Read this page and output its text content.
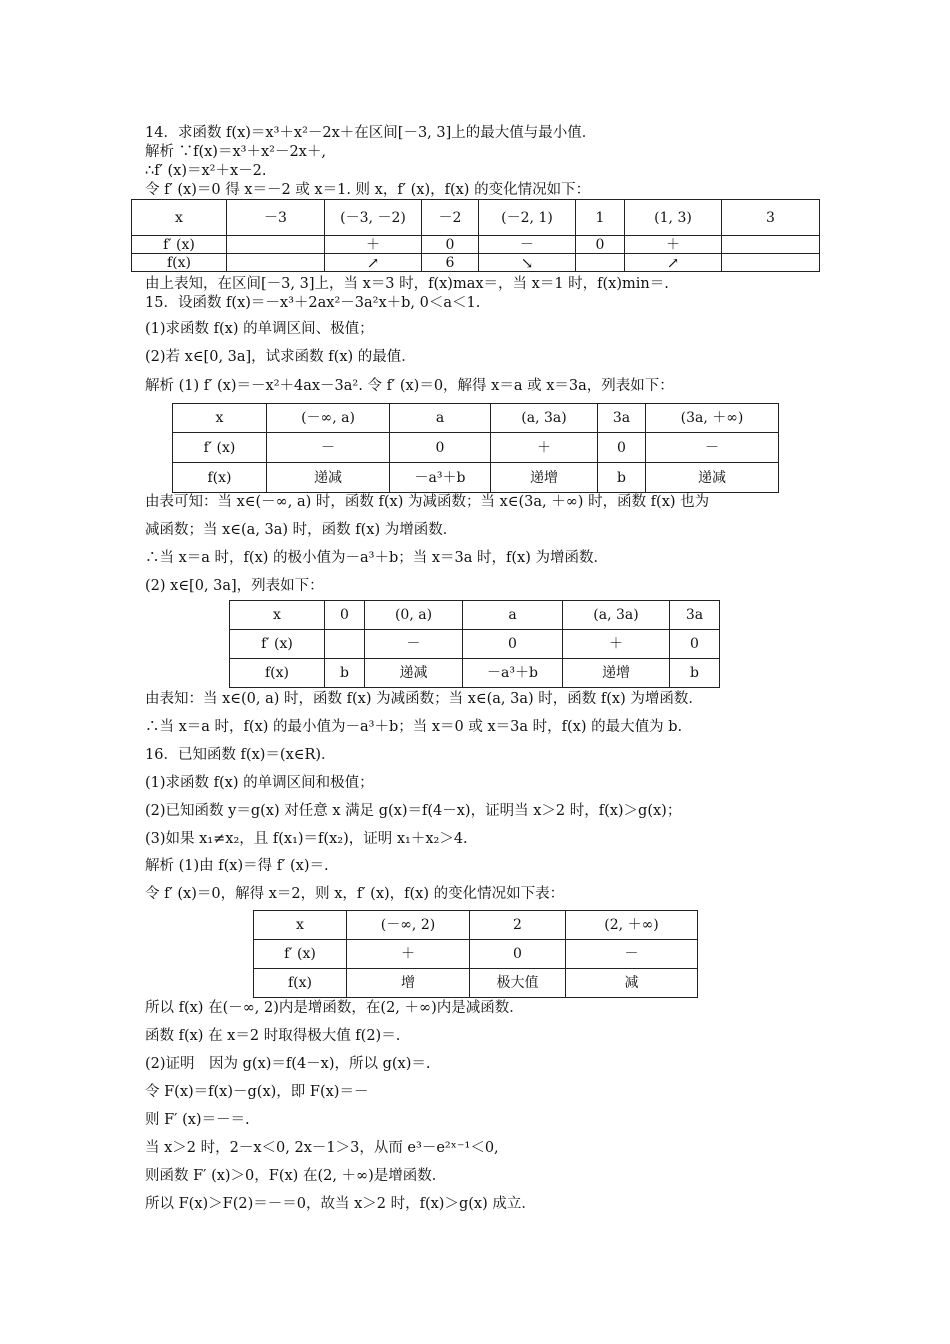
14．求函数 f(x)＝x³＋x²－2x＋在区间[－3, 3]上的最大值与最小值．
解析 ∵f(x)＝x³＋x²－2x＋,
∴f′ (x)＝x²＋x－2.
令 f′ (x)＝0 得 x＝－2 或 x＝1. 则 x，f′ (x)，f(x) 的变化情况如下：
x	－3	(－3, －2)	－2	(－2, 1)	1	(1, 3)	3
f′ (x)		＋	0	－	0	＋	
f(x)		↗	6	↘		↗	
由上表知，在区间[－3, 3]上，当 x＝3 时，f(x)max＝，当 x＝1 时，f(x)min＝.
15．设函数 f(x)＝－x³＋2ax²－3a²x＋b, 0＜a＜1.
(1)求函数 f(x) 的单调区间、极值；
(2)若 x∈[0, 3a]，试求函数 f(x) 的最值．
解析 (1) f′ (x)＝－x²＋4ax－3a². 令 f′ (x)＝0，解得 x＝a 或 x＝3a，列表如下：
x	(－∞, a)	a	(a, 3a)	3a	(3a, ＋∞)
f′ (x)	－	0	＋	0	－
f(x)	递减	－a³＋b	递增	b	递减
由表可知：当 x∈(－∞, a) 时，函数 f(x) 为减函数；当 x∈(3a, ＋∞) 时，函数 f(x) 也为
减函数；当 x∈(a, 3a) 时，函数 f(x) 为增函数．
∴当 x＝a 时，f(x) 的极小值为－a³＋b；当 x＝3a 时，f(x) 为增函数．
(2) x∈[0, 3a]，列表如下：
x	0	(0, a)	a	(a, 3a)	3a
f′ (x)		－	0	＋	0
f(x)	b	递减	－a³＋b	递增	b
由表知：当 x∈(0, a) 时，函数 f(x) 为减函数；当 x∈(a, 3a) 时，函数 f(x) 为增函数．
∴当 x＝a 时，f(x) 的最小值为－a³＋b；当 x＝0 或 x＝3a 时，f(x) 的最大值为 b.
16．已知函数 f(x)＝(x∈R)．
(1)求函数 f(x) 的单调区间和极值；
(2)已知函数 y＝g(x) 对任意 x 满足 g(x)＝f(4－x)，证明当 x＞2 时，f(x)＞g(x)；
(3)如果 x₁≠x₂，且 f(x₁)＝f(x₂)，证明 x₁＋x₂＞4.
解析 (1)由 f(x)＝得 f′ (x)＝.
令 f′ (x)＝0，解得 x＝2，则 x，f′ (x)，f(x) 的变化情况如下表：
x	(－∞, 2)	2	(2, ＋∞)
f′ (x)	＋	0	－
f(x)	增	极大值	减
所以 f(x) 在(－∞, 2)内是增函数，在(2, ＋∞)内是减函数．
函数 f(x) 在 x＝2 时取得极大值 f(2)＝.
(2)证明　因为 g(x)＝f(4－x)，所以 g(x)＝.
令 F(x)＝f(x)－g(x)，即 F(x)＝－
则 F′ (x)＝－＝.
当 x＞2 时，2－x＜0, 2x－1＞3，从而 e³－e²ˣ⁻¹＜0,
则函数 F′ (x)＞0，F(x) 在(2, ＋∞)是增函数．
所以 F(x)＞F(2)＝－＝0，故当 x＞2 时，f(x)＞g(x) 成立．
